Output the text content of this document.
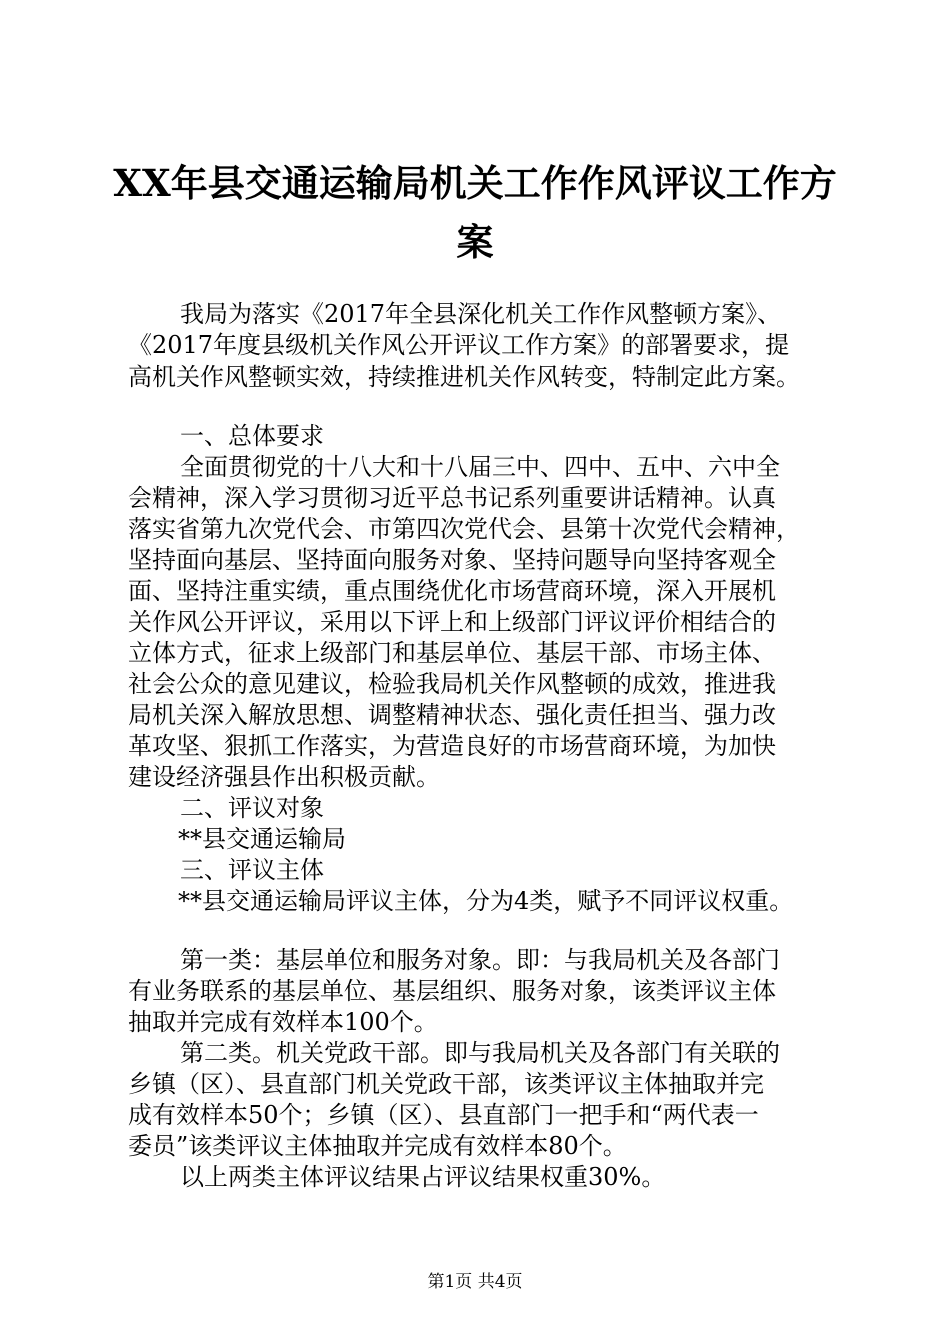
XX年县交通运输局机关工作作风评议工作方
案
我局为落实《2017年全县深化机关工作作风整顿方案》、
《2017年度县级机关作风公开评议工作方案》的部署要求，提
高机关作风整顿实效，持续推进机关作风转变，特制定此方案。
一、总体要求
全面贯彻党的十八大和十八届三中、四中、五中、六中全
会精神，深入学习贯彻习近平总书记系列重要讲话精神。认真
落实省第九次党代会、市第四次党代会、县第十次党代会精神，
坚持面向基层、坚持面向服务对象、坚持问题导向坚持客观全
面、坚持注重实绩，重点围绕优化市场营商环境，深入开展机
关作风公开评议，采用以下评上和上级部门评议评价相结合的
立体方式，征求上级部门和基层单位、基层干部、市场主体、
社会公众的意见建议，检验我局机关作风整顿的成效，推进我
局机关深入解放思想、调整精神状态、强化责任担当、强力改
革攻坚、狠抓工作落实，为营造良好的市场营商环境，为加快
建设经济强县作出积极贡献。
二、评议对象
**县交通运输局
三、评议主体
**县交通运输局评议主体，分为4类，赋予不同评议权重。
第一类：基层单位和服务对象。即：与我局机关及各部门
有业务联系的基层单位、基层组织、服务对象，该类评议主体
抽取并完成有效样本100个。
第二类。机关党政干部。即与我局机关及各部门有关联的
乡镇（区）、县直部门机关党政干部，该类评议主体抽取并完
成有效样本50个；乡镇（区）、县直部门一把手和“两代表一
委员”该类评议主体抽取并完成有效样本80个。
以上两类主体评议结果占评议结果权重30%。
第1页 共4页
